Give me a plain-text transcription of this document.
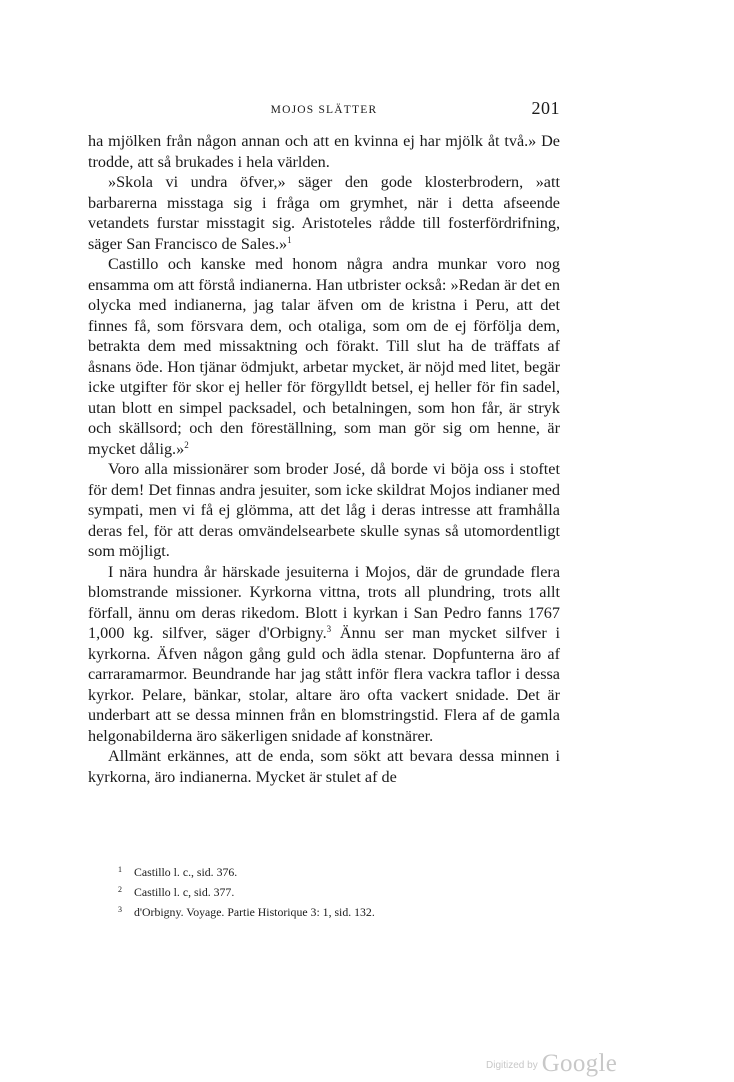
MOJOS SLÄTTER	201

ha mjölken från någon annan och att en kvinna ej har mjölk åt två.» De trodde, att så brukades i hela världen.

»Skola vi undra öfver,» säger den gode klosterbrodern, »att barbarerna misstaga sig i fråga om grymhet, när i detta afseende vetandets furstar misstagit sig. Aristoteles rådde till fosterfördrifning, säger San Francisco de Sales.»$^1$

Castillo och kanske med honom några andra munkar voro nog ensamma om att förstå indianerna. Han utbrister också: »Redan är det en olycka med indianerna, jag talar äfven om de kristna i Peru, att det finnes få, som försvara dem, och otaliga, som om de ej förfölja dem, betrakta dem med missaktning och förakt. Till slut ha de träffats af åsnans öde. Hon tjänar ödmjukt, arbetar mycket, är nöjd med litet, begär icke utgifter för skor ej heller för förgylldt betsel, ej heller för fin sadel, utan blott en simpel packsadel, och betalningen, som hon får, är stryk och skällsord; och den föreställning, som man gör sig om henne, är mycket dålig.»$^2$

Voro alla missionärer som broder José, då borde vi böja oss i stoftet för dem! Det finnas andra jesuiter, som icke skildrat Mojos indianer med sympati, men vi få ej glömma, att det låg i deras intresse att framhålla deras fel, för att deras omvändelsearbete skulle synas så utomordentligt som möjligt.

I nära hundra år härskade jesuiterna i Mojos, där de grundade flera blomstrande missioner. Kyrkorna vittna, trots all plundring, trots allt förfall, ännu om deras rikedom. Blott i kyrkan i San Pedro fanns 1767 1,000 kg. silfver, säger d'Orbigny.$^3$ Ännu ser man mycket silfver i kyrkorna. Äfven någon gång guld och ädla stenar. Dopfunterna äro af carraramarmor. Beundrande har jag stått inför flera vackra taflor i dessa kyrkor. Pelare, bänkar, stolar, altare äro ofta vackert snidade. Det är underbart att se dessa minnen från en blomstringstid. Flera af de gamla helgonabilderna äro säkerligen snidade af konstnärer.

Allmänt erkännes, att de enda, som sökt att bevara dessa minnen i kyrkorna, äro indianerna. Mycket är stulet af de

1 Castillo l. c., sid. 376.
2 Castillo l. c, sid. 377.
3 d'Orbigny. Voyage. Partie Historique 3: 1, sid. 132.
Digitized by Google
